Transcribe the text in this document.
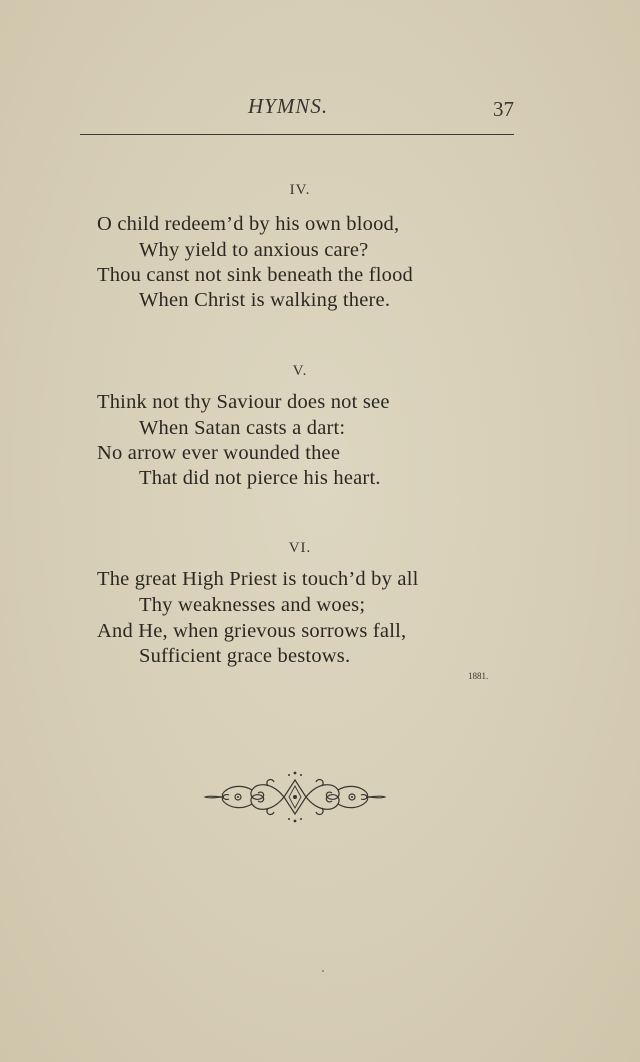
HYMNS.	37
IV.
O child redeem’d by his own blood,
Why yield to anxious care?
Thou canst not sink beneath the flood
When Christ is walking there.
V.
Think not thy Saviour does not see
When Satan casts a dart:
No arrow ever wounded thee
That did not pierce his heart.
VI.
The great High Priest is touch’d by all
Thy weaknesses and woes;
And He, when grievous sorrows fall,
Sufficient grace bestows.
1881.
